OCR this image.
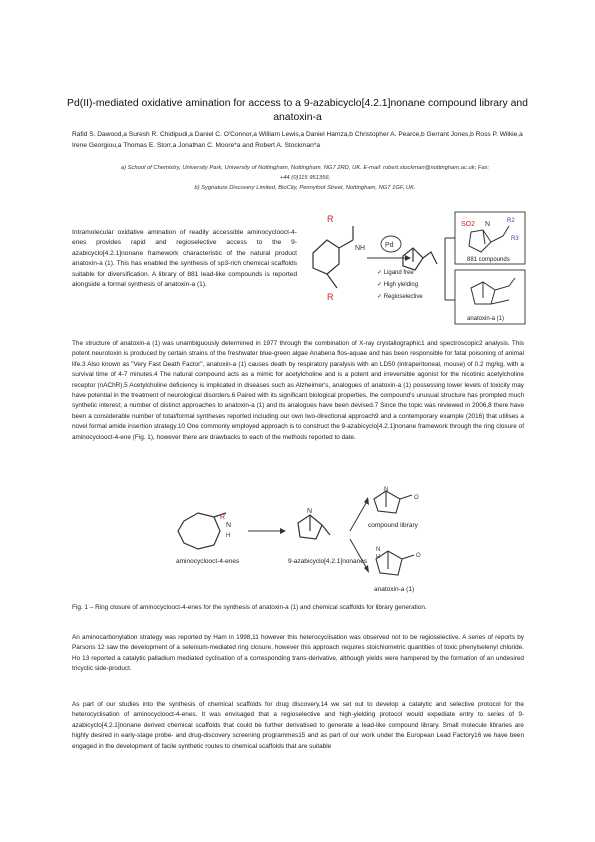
Pd(II)-mediated oxidative amination for access to a 9-azabicyclo[4.2.1]nonane compound library and anatoxin-a
Rafid S. Dawood,a Suresh R. Chidipudi,a Daniel C. O'Connor,a William Lewis,a Daniel Hamza,b Christopher A. Pearce,b Gerrant Jones,b Ross P. Wilkie,a Irene Georgiou,a Thomas E. Storr,a Jonathan C. Moore*a and Robert A. Stockman*a
a) School of Chemistry, University Park, University of Nottingham, Nottingham, NG7 2RD, UK. E-mail: robert.stockman@nottingham.ac.uk; Fax: +44 (0)115 951356;
b) Sygnature Discovery Limited, BioCity, Pennyfoot Street, Nottingham, NG7 1GF, UK.
Intramolecular oxidative amination of readily accessible aminocyclooct-4-enes provides rapid and regioselective access to the 9-azabicyclo[4.2.1]nonane framework characteristic of the natural product anatoxin-a (1). This has enabled the synthesis of sp3-rich chemical scaffolds suitable for diversification. A library of 881 lead-like compounds is reported alongside a formal synthesis of anatoxin-a (1).
R
NH
R
Pd
✓ Ligand free
✓ High yielding
✓ Regioselective
SO2 N	R2
R3
881 compounds
anatoxin-a (1)
The structure of anatoxin-a (1) was unambiguously determined in 1977 through the combination of X-ray crystallographic1 and spectroscopic2 analysis. This potent neurotoxin is produced by certain strains of the freshwater blue-green algae Anabena flos-aquae and has been responsible for fatal poisoning of animal life.3 Also known as "Very Fast Death Factor", anatoxin-a (1) causes death by respiratory paralysis with an LD50 (intraperitoneal, mouse) of 0.2 mg/kg, with a survival time of 4-7 minutes.4 The natural compound acts as a mimic for acetylcholine and is a potent and irreversible agonist for the nicotinic acetylcholine receptor (nAChR).5 Acetylcholine deficiency is implicated in diseases such as Alzheimer's, analogues of anatoxin-a (1) possessing lower levels of toxicity may have potential in the treatment of neurological disorders.6 Paired with its significant biological properties, the compound's unusual structure has prompted much synthetic interest; a number of distinct approaches to anatoxin-a (1) and its analogues have been devised.7 Since the topic was reviewed in 2006,8 there have been a considerable number of total/formal syntheses reported including our own two-directional approach9 and a contemporary example (2016) that utilises a novel formal amide insertion strategy.10 One commonly employed approach is to construct the 9-azabicyclo[4.2.1]nonane framework through the ring closure of aminocyclooct-4-ene (Fig. 1), however there are drawbacks to each of the methods reported to date.
R
N
H
aminocyclooct-4-enes
N
9-azabicyclo[4.2.1]nonanes
N
O
compound library
N
H	O
anatoxin-a (1)
Fig. 1 – Ring closure of aminocyclooct-4-enes for the synthesis of anatoxin-a (1) and chemical scaffolds for library generation.
An aminocarbonylation strategy was reported by Ham in 1998,11 however this heterocyclisation was observed not to be regioselective. A series of reports by Parsons 12 saw the development of a selenium-mediated ring closure, however this approach requires stoichiometric quantities of toxic phenylselenyl chloride. Ho 13 reported a catalytic palladium mediated cyclisation of a corresponding trans-derivative, although yields were hampered by the formation of an undesired tricyclic side-product.
As part of our studies into the synthesis of chemical scaffolds for drug discovery,14 we set out to develop a catalytic and selective protocol for the heterocyclisation of aminocyclooct-4-enes. It was envisaged that a regioselective and high-yielding protocol would expediate entry to series of 9-azabicyclo[4.2.1]nonane derived chemical scaffolds that could be further derivatised to generate a lead-like compound library. Small molecule libraries are highly desired in early-stage probe- and drug-discovery screening programmes15 and as part of our work under the European Lead Factory16 we have been engaged in the development of facile synthetic routes to chemical scaffolds that are suitable
